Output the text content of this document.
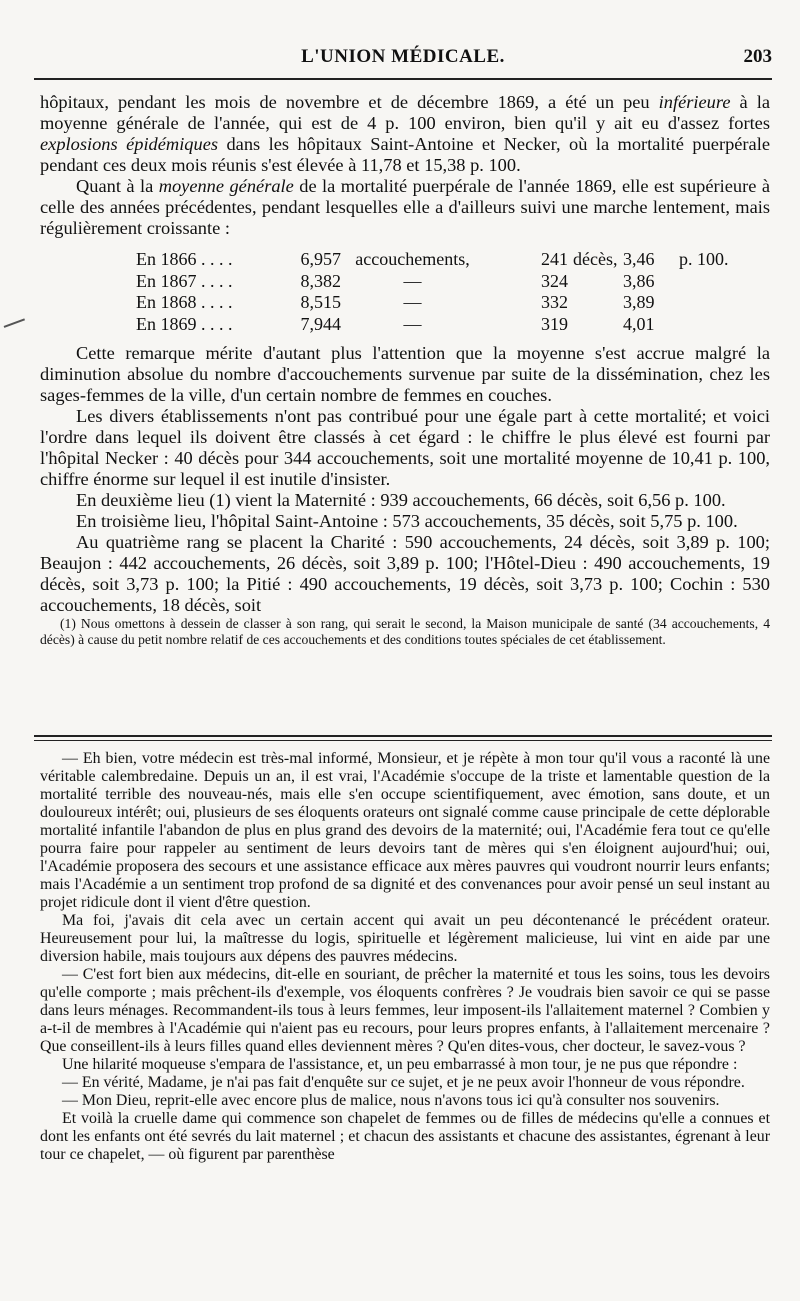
L'UNION MÉDICALE.	203

hôpitaux, pendant les mois de novembre et de décembre 1869, a été un peu inférieure à la moyenne générale de l'année, qui est de 4 p. 100 environ, bien qu'il y ait eu d'assez fortes explosions épidémiques dans les hôpitaux Saint-Antoine et Necker, où la mortalité puerpérale pendant ces deux mois réunis s'est élevée à 11,78 et 15,38 p. 100.

Quant à la moyenne générale de la mortalité puerpérale de l'année 1869, elle est supérieure à celle des années précédentes, pendant lesquelles elle a d'ailleurs suivi une marche lentement, mais régulièrement croissante :

En 1866 . . . .	6,957	accouchements,	241	décès,	3,46	p. 100.
En 1867 . . . .	8,382	—	324		3,86	
En 1868 . . . .	8,515	—	332		3,89	
En 1869 . . . .	7,944	—	319		4,01	

Cette remarque mérite d'autant plus l'attention que la moyenne s'est accrue malgré la diminution absolue du nombre d'accouchements survenue par suite de la dissémination, chez les sages-femmes de la ville, d'un certain nombre de femmes en couches.

Les divers établissements n'ont pas contribué pour une égale part à cette mortalité; et voici l'ordre dans lequel ils doivent être classés à cet égard : le chiffre le plus élevé est fourni par l'hôpital Necker : 40 décès pour 344 accouchements, soit une mortalité moyenne de 10,41 p. 100, chiffre énorme sur lequel il est inutile d'insister.

En deuxième lieu (1) vient la Maternité : 939 accouchements, 66 décès, soit 6,56 p. 100.

En troisième lieu, l'hôpital Saint-Antoine : 573 accouchements, 35 décès, soit 5,75 p. 100.

Au quatrième rang se placent la Charité : 590 accouchements, 24 décès, soit 3,89 p. 100; Beaujon : 442 accouchements, 26 décès, soit 3,89 p. 100; l'Hôtel-Dieu : 490 accouchements, 19 décès, soit 3,73 p. 100; la Pitié : 490 accouchements, 19 décès, soit 3,73 p. 100; Cochin : 530 accouchements, 18 décès, soit

(1) Nous omettons à dessein de classer à son rang, qui serait le second, la Maison municipale de santé (34 accouchements, 4 décès) à cause du petit nombre relatif de ces accouchements et des conditions toutes spéciales de cet établissement.

— Eh bien, votre médecin est très-mal informé, Monsieur, et je répète à mon tour qu'il vous a raconté là une véritable calembredaine. Depuis un an, il est vrai, l'Académie s'occupe de la triste et lamentable question de la mortalité terrible des nouveau-nés, mais elle s'en occupe scientifiquement, avec émotion, sans doute, et un douloureux intérêt; oui, plusieurs de ses éloquents orateurs ont signalé comme cause principale de cette déplorable mortalité infantile l'abandon de plus en plus grand des devoirs de la maternité; oui, l'Académie fera tout ce qu'elle pourra faire pour rappeler au sentiment de leurs devoirs tant de mères qui s'en éloignent aujourd'hui; oui, l'Académie proposera des secours et une assistance efficace aux mères pauvres qui voudront nourrir leurs enfants; mais l'Académie a un sentiment trop profond de sa dignité et des convenances pour avoir pensé un seul instant au projet ridicule dont il vient d'être question.

Ma foi, j'avais dit cela avec un certain accent qui avait un peu décontenancé le précédent orateur. Heureusement pour lui, la maîtresse du logis, spirituelle et légèrement malicieuse, lui vint en aide par une diversion habile, mais toujours aux dépens des pauvres médecins.

— C'est fort bien aux médecins, dit-elle en souriant, de prêcher la maternité et tous les soins, tous les devoirs qu'elle comporte ; mais prêchent-ils d'exemple, vos éloquents confrères ? Je voudrais bien savoir ce qui se passe dans leurs ménages. Recommandent-ils tous à leurs femmes, leur imposent-ils l'allaitement maternel ? Combien y a-t-il de membres à l'Académie qui n'aient pas eu recours, pour leurs propres enfants, à l'allaitement mercenaire ? Que conseillent-ils à leurs filles quand elles deviennent mères ? Qu'en dites-vous, cher docteur, le savez-vous ?

Une hilarité moqueuse s'empara de l'assistance, et, un peu embarrassé à mon tour, je ne pus que répondre :

— En vérité, Madame, je n'ai pas fait d'enquête sur ce sujet, et je ne peux avoir l'honneur de vous répondre.

— Mon Dieu, reprit-elle avec encore plus de malice, nous n'avons tous ici qu'à consulter nos souvenirs.

Et voilà la cruelle dame qui commence son chapelet de femmes ou de filles de médecins qu'elle a connues et dont les enfants ont été sevrés du lait maternel ; et chacun des assistants et chacune des assistantes, égrenant à leur tour ce chapelet, — où figurent par parenthèse
